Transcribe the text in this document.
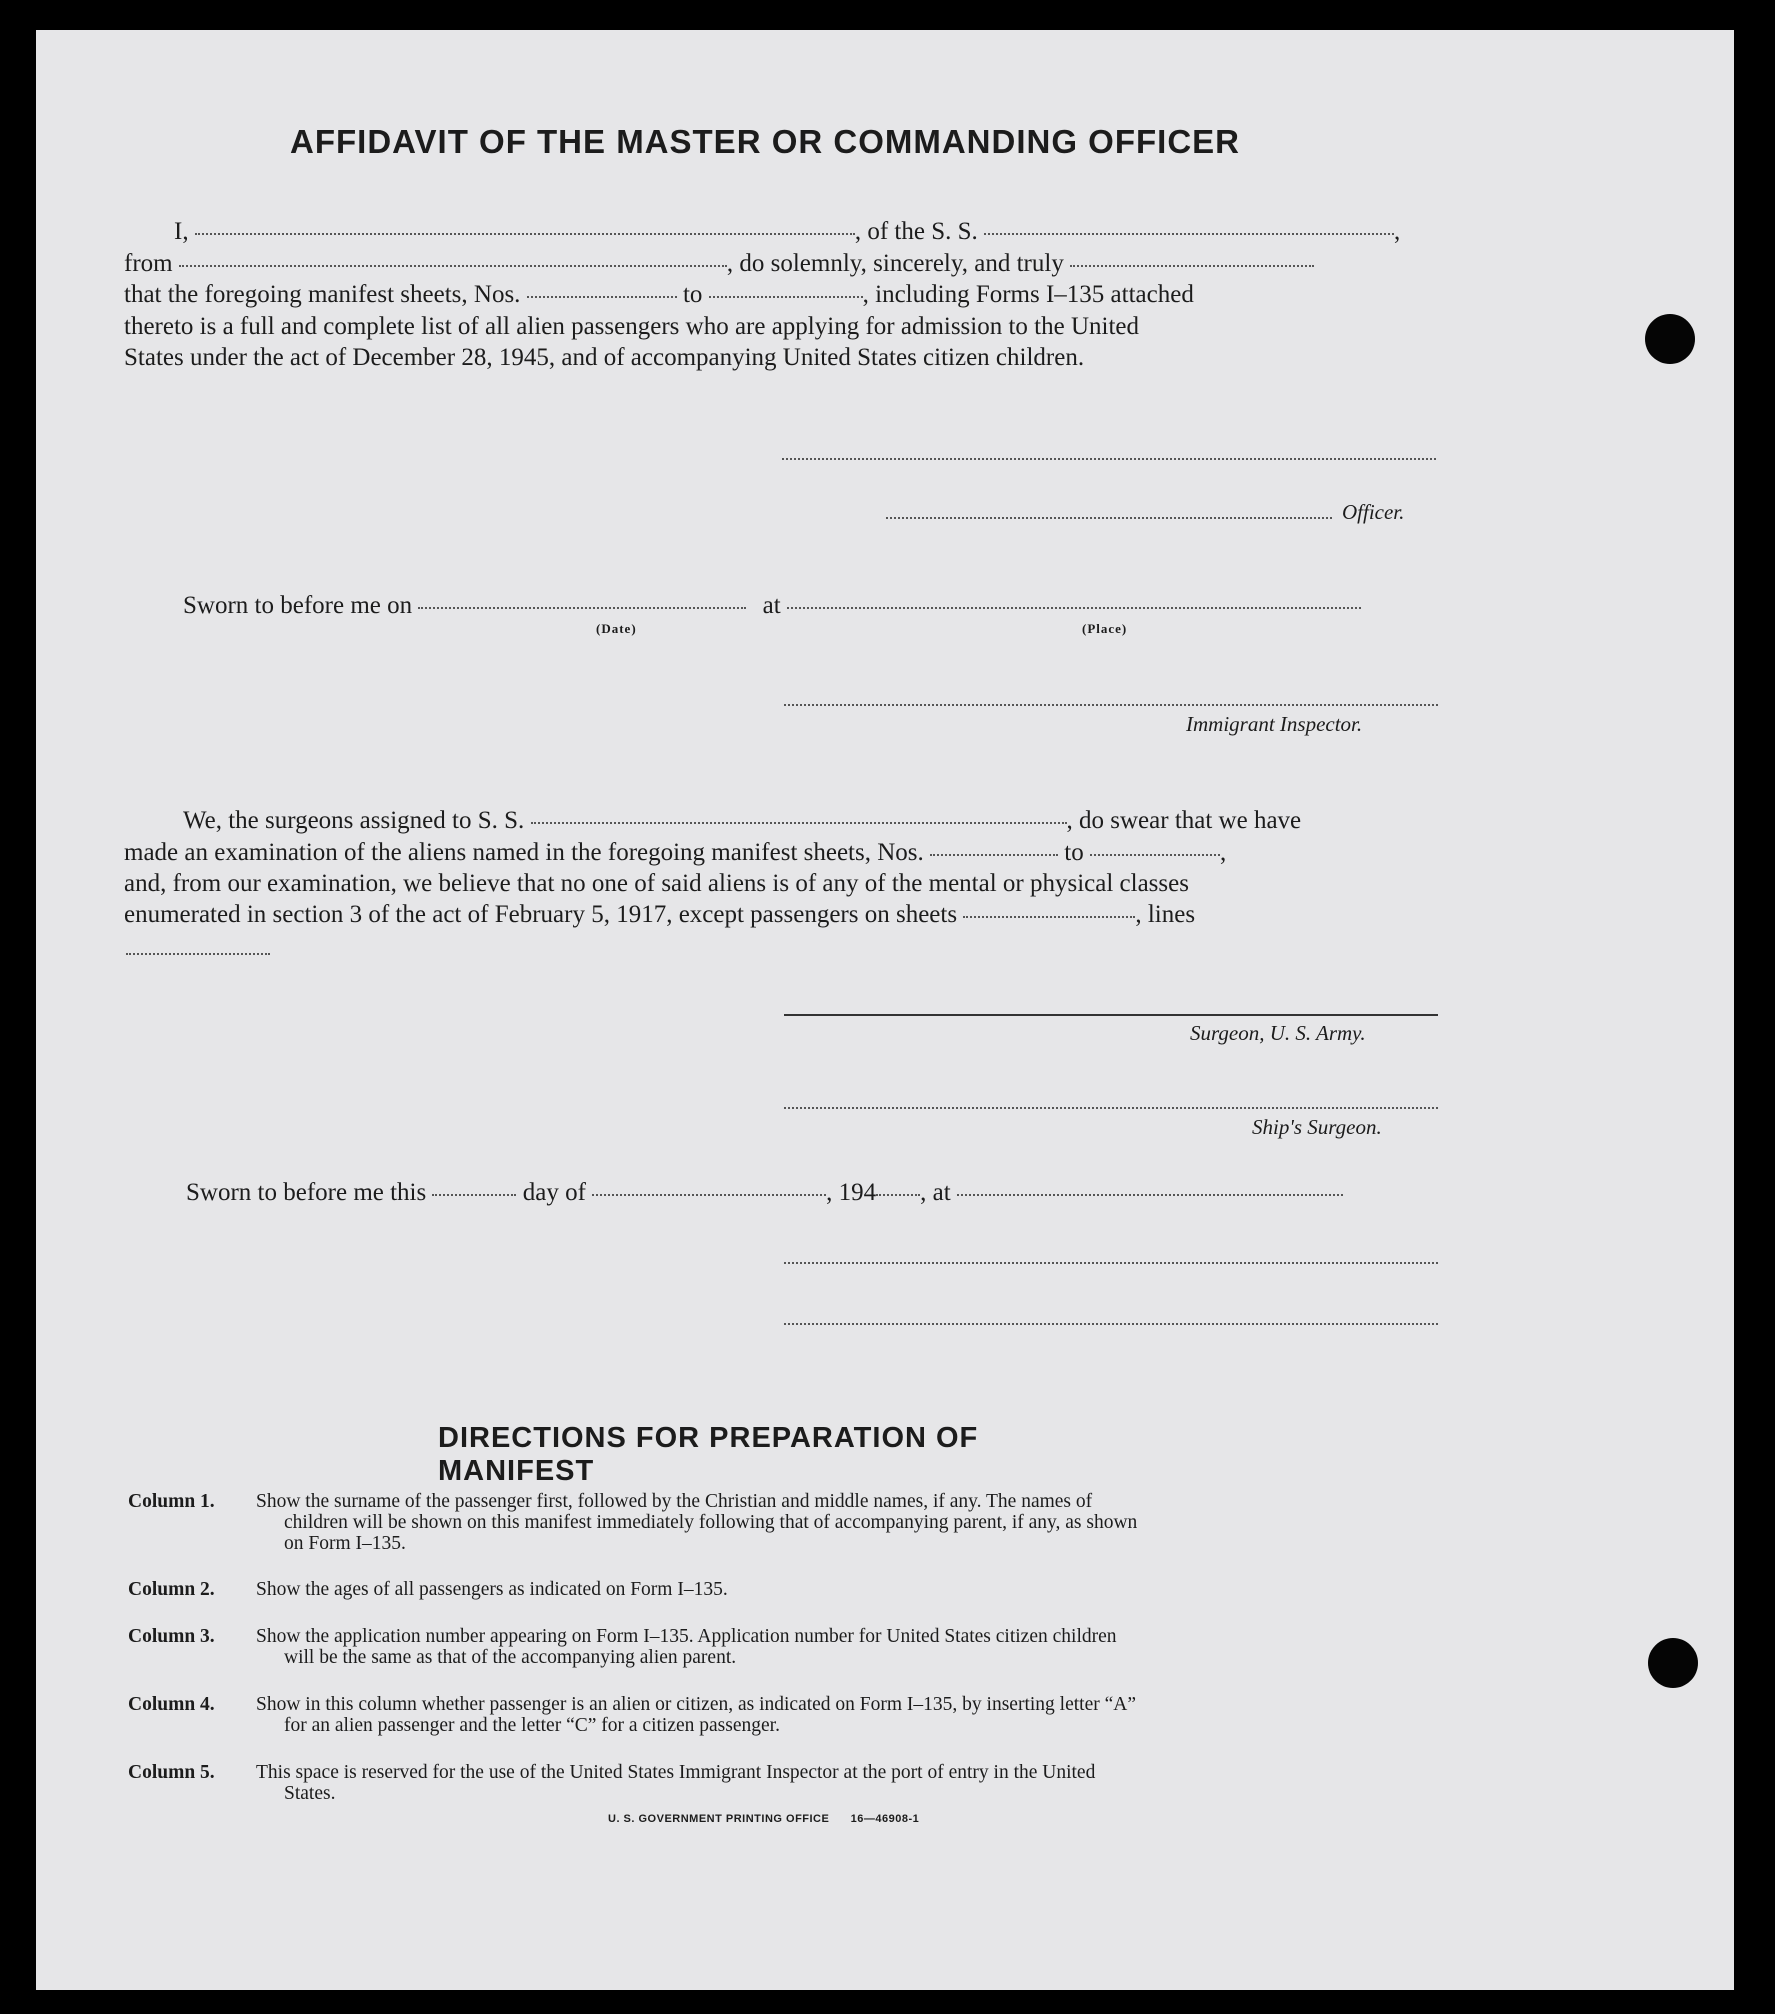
AFFIDAVIT OF THE MASTER OR COMMANDING OFFICER
I,	, of the S. S.	,
from	, do solemnly, sincerely, and truly
that the foregoing manifest sheets, Nos.	to	, including Forms I–135 attached
thereto is a full and complete list of all alien passengers who are applying for admission to the United
States under the act of December 28, 1945, and of accompanying United States citizen children.
Officer.
Sworn to before me on	at
(Date)	(Place)
Immigrant Inspector.
We, the surgeons assigned to S. S.	, do swear that we have
made an examination of the aliens named in the foregoing manifest sheets, Nos.	to	,
and, from our examination, we believe that no one of said aliens is of any of the mental or physical classes
enumerated in section 3 of the act of February 5, 1917, except passengers on sheets	, lines
Surgeon, U. S. Army.
Ship's Surgeon.
Sworn to before me this	day of	, 194 , at
DIRECTIONS FOR PREPARATION OF MANIFEST
Column 1. Show the surname of the passenger first, followed by the Christian and middle names, if any. The names of
children will be shown on this manifest immediately following that of accompanying parent, if any, as shown
on Form I–135.
Column 2. Show the ages of all passengers as indicated on Form I–135.
Column 3. Show the application number appearing on Form I–135. Application number for United States citizen children
will be the same as that of the accompanying alien parent.
Column 4. Show in this column whether passenger is an alien or citizen, as indicated on Form I–135, by inserting letter “A”
for an alien passenger and the letter “C” for a citizen passenger.
Column 5. This space is reserved for the use of the United States Immigrant Inspector at the port of entry in the United
States.
U. S. GOVERNMENT PRINTING OFFICE      16—46908-1
